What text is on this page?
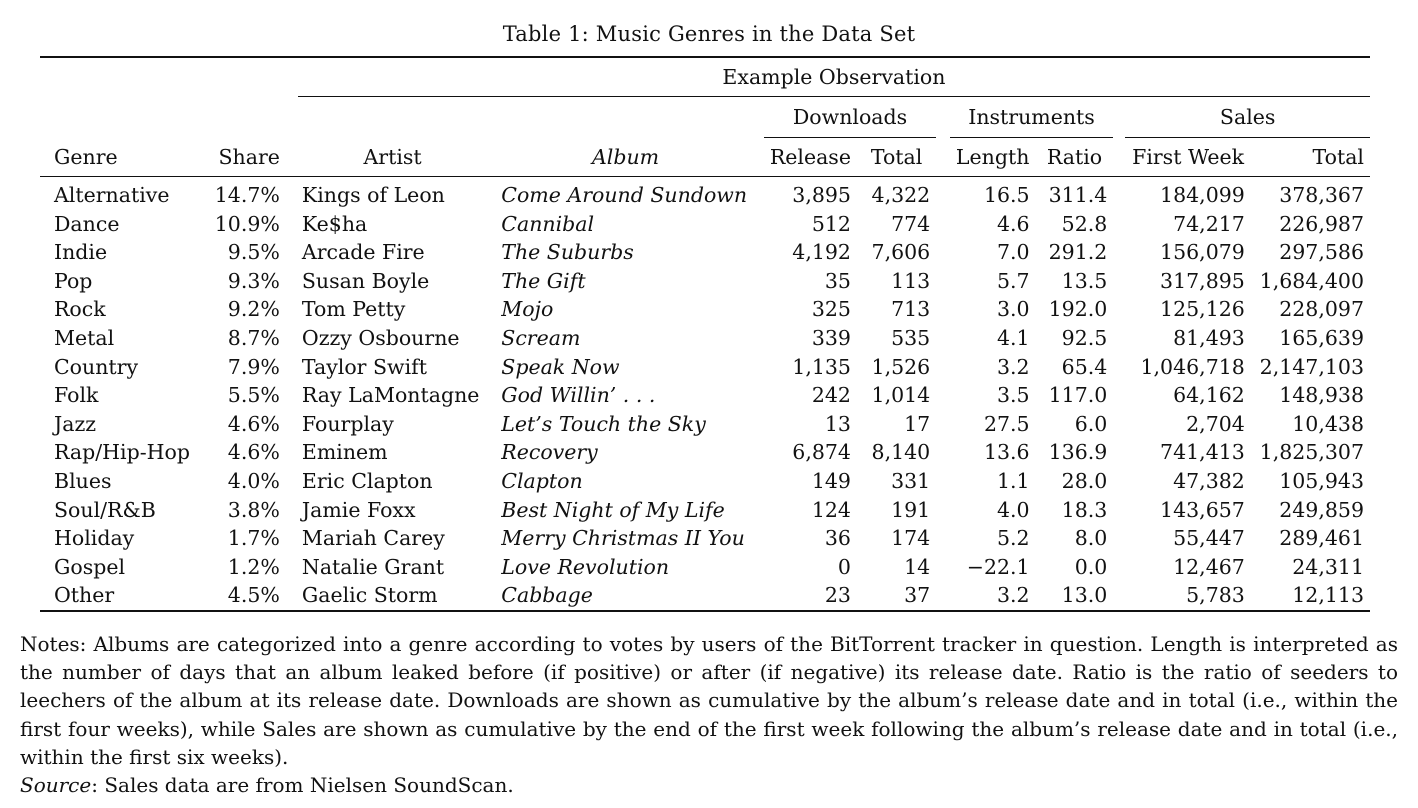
Table 1: Music Genres in the Data Set

			Example Observation									
					Downloads			Instruments			Sales	
Genre	Share		Artist	Album	Release	Total		Length	Ratio		First Week	Total

Alternative	14.7%		Kings of Leon	Come Around Sundown	3,895	4,322		16.5	311.4		184,099	378,367
Dance	10.9%		Ke$ha	Cannibal	512	774		4.6	52.8		74,217	226,987
Indie	9.5%		Arcade Fire	The Suburbs	4,192	7,606		7.0	291.2		156,079	297,586
Pop	9.3%		Susan Boyle	The Gift	35	113		5.7	13.5		317,895	1,684,400
Rock	9.2%		Tom Petty	Mojo	325	713		3.0	192.0		125,126	228,097
Metal	8.7%		Ozzy Osbourne	Scream	339	535		4.1	92.5		81,493	165,639
Country	7.9%		Taylor Swift	Speak Now	1,135	1,526		3.2	65.4		1,046,718	2,147,103
Folk	5.5%		Ray LaMontagne	God Willin’ . . .	242	1,014		3.5	117.0		64,162	148,938
Jazz	4.6%		Fourplay	Let’s Touch the Sky	13	17		27.5	6.0		2,704	10,438
Rap/Hip-Hop	4.6%		Eminem	Recovery	6,874	8,140		13.6	136.9		741,413	1,825,307
Blues	4.0%		Eric Clapton	Clapton	149	331		1.1	28.0		47,382	105,943
Soul/R&B	3.8%		Jamie Foxx	Best Night of My Life	124	191		4.0	18.3		143,657	249,859
Holiday	1.7%		Mariah Carey	Merry Christmas II You	36	174		5.2	8.0		55,447	289,461
Gospel	1.2%		Natalie Grant	Love Revolution	0	14		−22.1	0.0		12,467	24,311
Other	4.5%		Gaelic Storm	Cabbage	23	37		3.2	13.0		5,783	12,113

Notes: Albums are categorized into a genre according to votes by users of the BitTorrent tracker in question. Length is interpreted as the number of days that an album leaked before (if positive) or after (if negative) its release date. Ratio is the ratio of seeders to leechers of the album at its release date. Downloads are shown as cumulative by the album’s release date and in total (i.e., within the first four weeks), while Sales are shown as cumulative by the end of the first week following the album’s release date and in total (i.e., within the first six weeks).

Source: Sales data are from Nielsen SoundScan.
